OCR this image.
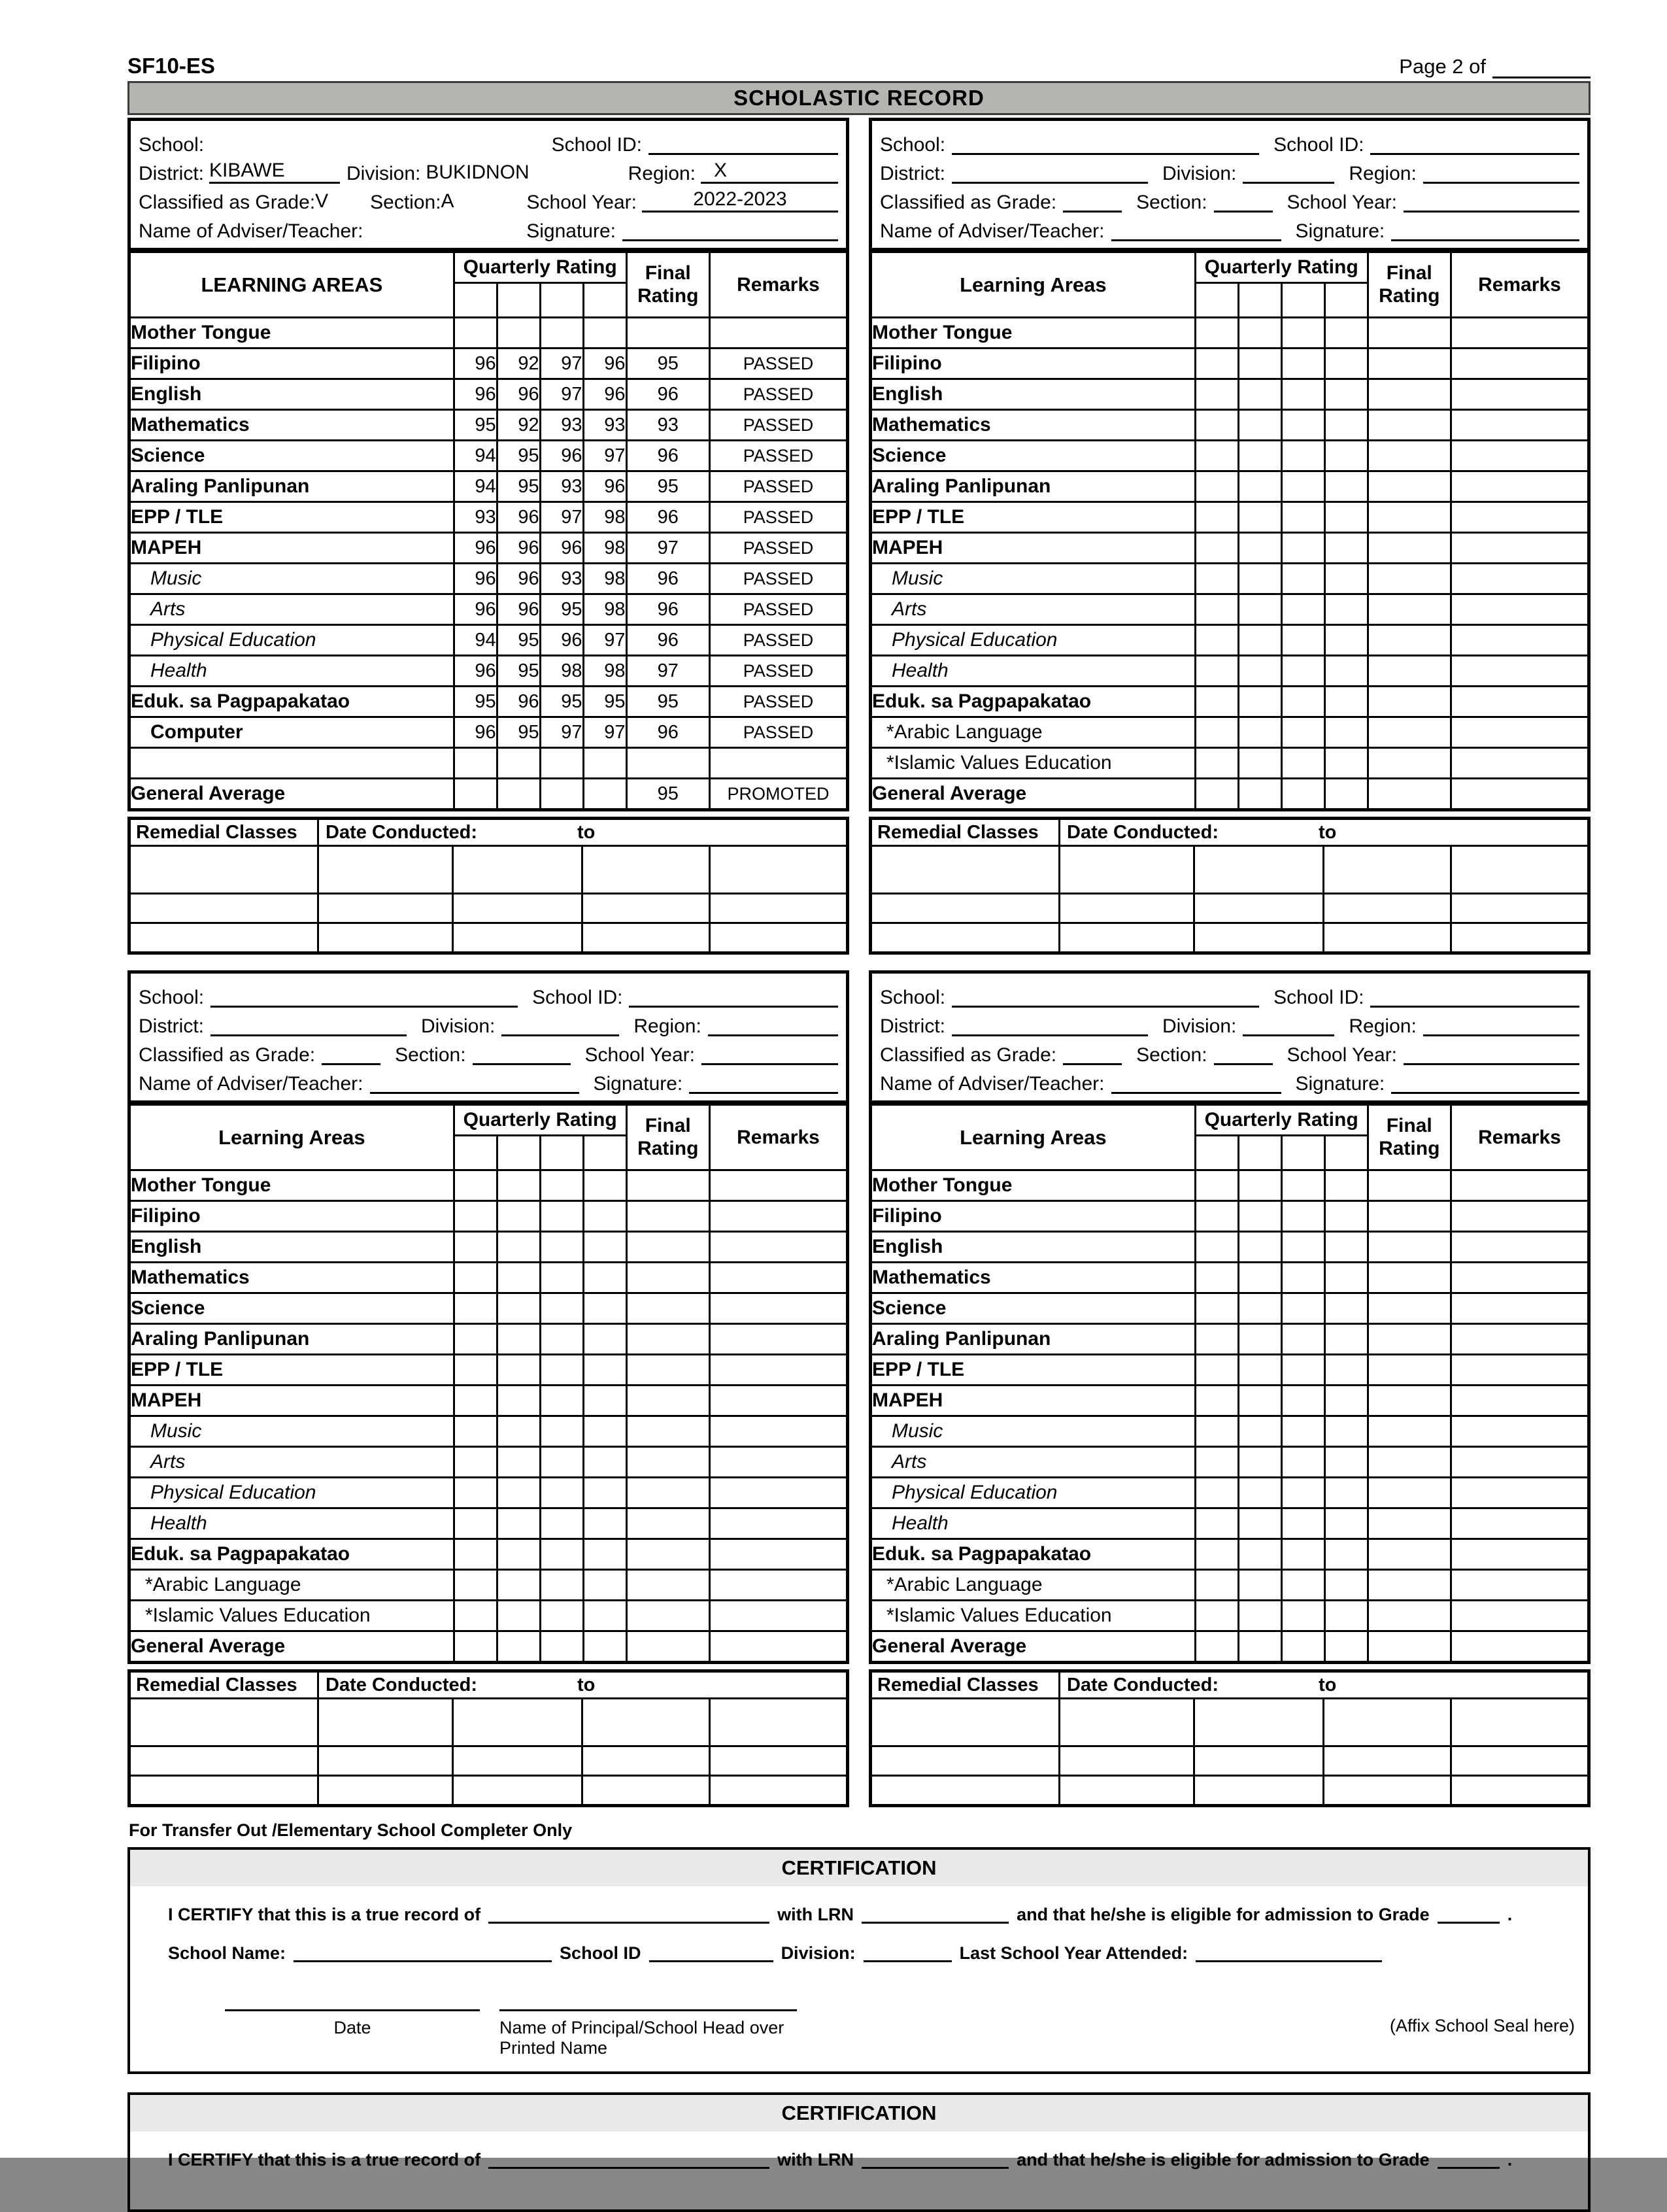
SF10-ES	Page 2 of
SCHOLASTIC RECORD
School:	School ID:
District: KIBAWE	Division: BUKIDNON	Region: X
Classified as Grade: V Section: A	School Year:	2022-2023
Name of Adviser/Teacher:	Signature:
LEARNING AREAS	Quarterly Rating				Final Rating	Remarks

Mother Tongue						
Filipino	96	92	97	96	95	PASSED
English	96	96	97	96	96	PASSED
Mathematics	95	92	93	93	93	PASSED
Science	94	95	96	97	96	PASSED
Araling Panlipunan	94	95	93	96	95	PASSED
EPP / TLE	93	96	97	98	96	PASSED
MAPEH	96	96	96	98	97	PASSED
Music	96	96	93	98	96	PASSED
Arts	96	96	95	98	96	PASSED
Physical Education	94	95	96	97	96	PASSED
Health	96	95	98	98	97	PASSED
Eduk. sa Pagpapakatao	95	96	95	95	95	PASSED
Computer	96	95	97	97	96	PASSED

General Average					95	PROMOTED
Remedial Classes	Date Conducted: to			

School:	School ID:
District:	Division:	Region:
Classified as Grade:	Section:	School Year:
Name of Adviser/Teacher:	Signature:
Learning Areas	Quarterly Rating				Final Rating	Remarks

Mother Tongue						
Filipino						
English						
Mathematics						
Science						
Araling Panlipunan						
EPP / TLE						
MAPEH						
Music						
Arts						
Physical Education						
Health						
Eduk. sa Pagpapakatao						
*Arabic Language						
*Islamic Values Education						
General Average						
Remedial Classes	Date Conducted: to			

School:	School ID:
District:	Division:	Region:
Classified as Grade:	Section:	School Year:
Name of Adviser/Teacher:	Signature:
Learning Areas	Quarterly Rating				Final Rating	Remarks

Mother Tongue						
Filipino						
English						
Mathematics						
Science						
Araling Panlipunan						
EPP / TLE						
MAPEH						
Music						
Arts						
Physical Education						
Health						
Eduk. sa Pagpapakatao						
*Arabic Language						
*Islamic Values Education						
General Average						
Remedial Classes	Date Conducted: to			

School:	School ID:
District:	Division:	Region:
Classified as Grade:	Section:	School Year:
Name of Adviser/Teacher:	Signature:
Learning Areas	Quarterly Rating				Final Rating	Remarks

Mother Tongue						
Filipino						
English						
Mathematics						
Science						
Araling Panlipunan						
EPP / TLE						
MAPEH						
Music						
Arts						
Physical Education						
Health						
Eduk. sa Pagpapakatao						
*Arabic Language						
*Islamic Values Education						
General Average						
Remedial Classes	Date Conducted: to			

For Transfer Out /Elementary School Completer Only
CERTIFICATION
I CERTIFY that this is a true record of	with LRN	and that he/she is eligible for admission to Grade	.
School Name:	School ID	Division:	Last School Year Attended:
Date	Name of Principal/School Head over Printed Name
(Affix School Seal here)
CERTIFICATION
I CERTIFY that this is a true record of	with LRN	and that he/she is eligible for admission to Grade	.
